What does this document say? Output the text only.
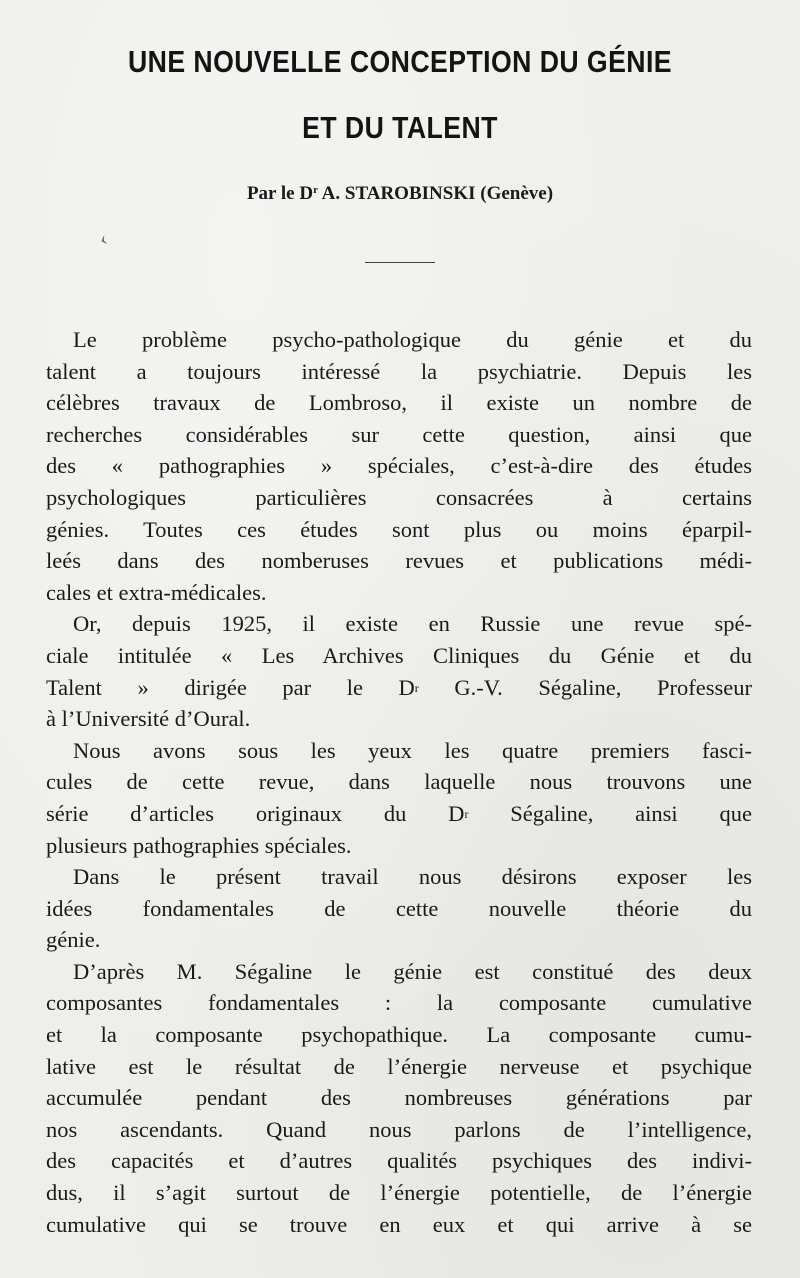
UNE NOUVELLE CONCEPTION DU GÉNIE
ET DU TALENT
Par le $D^r$ A. STAROBINSKI (Genève)
‹
Le problème psycho-pathologique du génie et du
talent a toujours intéressé la psychiatrie. Depuis les
célèbres travaux de Lombroso, il existe un nombre de
recherches considérables sur cette question, ainsi que
des « pathographies » spéciales, c’est-à-dire des études
psychologiques particulières consacrées à certains
génies. Toutes ces études sont plus ou moins éparpil-
leés dans des nomberuses revues et publications médi-
cales et extra-médicales.
Or, depuis 1925, il existe en Russie une revue spé-
ciale intitulée « Les Archives Cliniques du Génie et du
Talent » dirigée par le $D^r$ G.-V. Ségaline, Professeur
à l’Université d’Oural.
Nous avons sous les yeux les quatre premiers fasci-
cules de cette revue, dans laquelle nous trouvons une
série d’articles originaux du $D^r$ Ségaline, ainsi que
plusieurs pathographies spéciales.
Dans le présent travail nous désirons exposer les
idées fondamentales de cette nouvelle théorie du
génie.
D’après M. Ségaline le génie est constitué des deux
composantes fondamentales : la composante cumulative
et la composante psychopathique. La composante cumu-
lative est le résultat de l’énergie nerveuse et psychique
accumulée pendant des nombreuses générations par
nos ascendants. Quand nous parlons de l’intelligence,
des capacités et d’autres qualités psychiques des indivi-
dus, il s’agit surtout de l’énergie potentielle, de l’énergie
cumulative qui se trouve en eux et qui arrive à se
